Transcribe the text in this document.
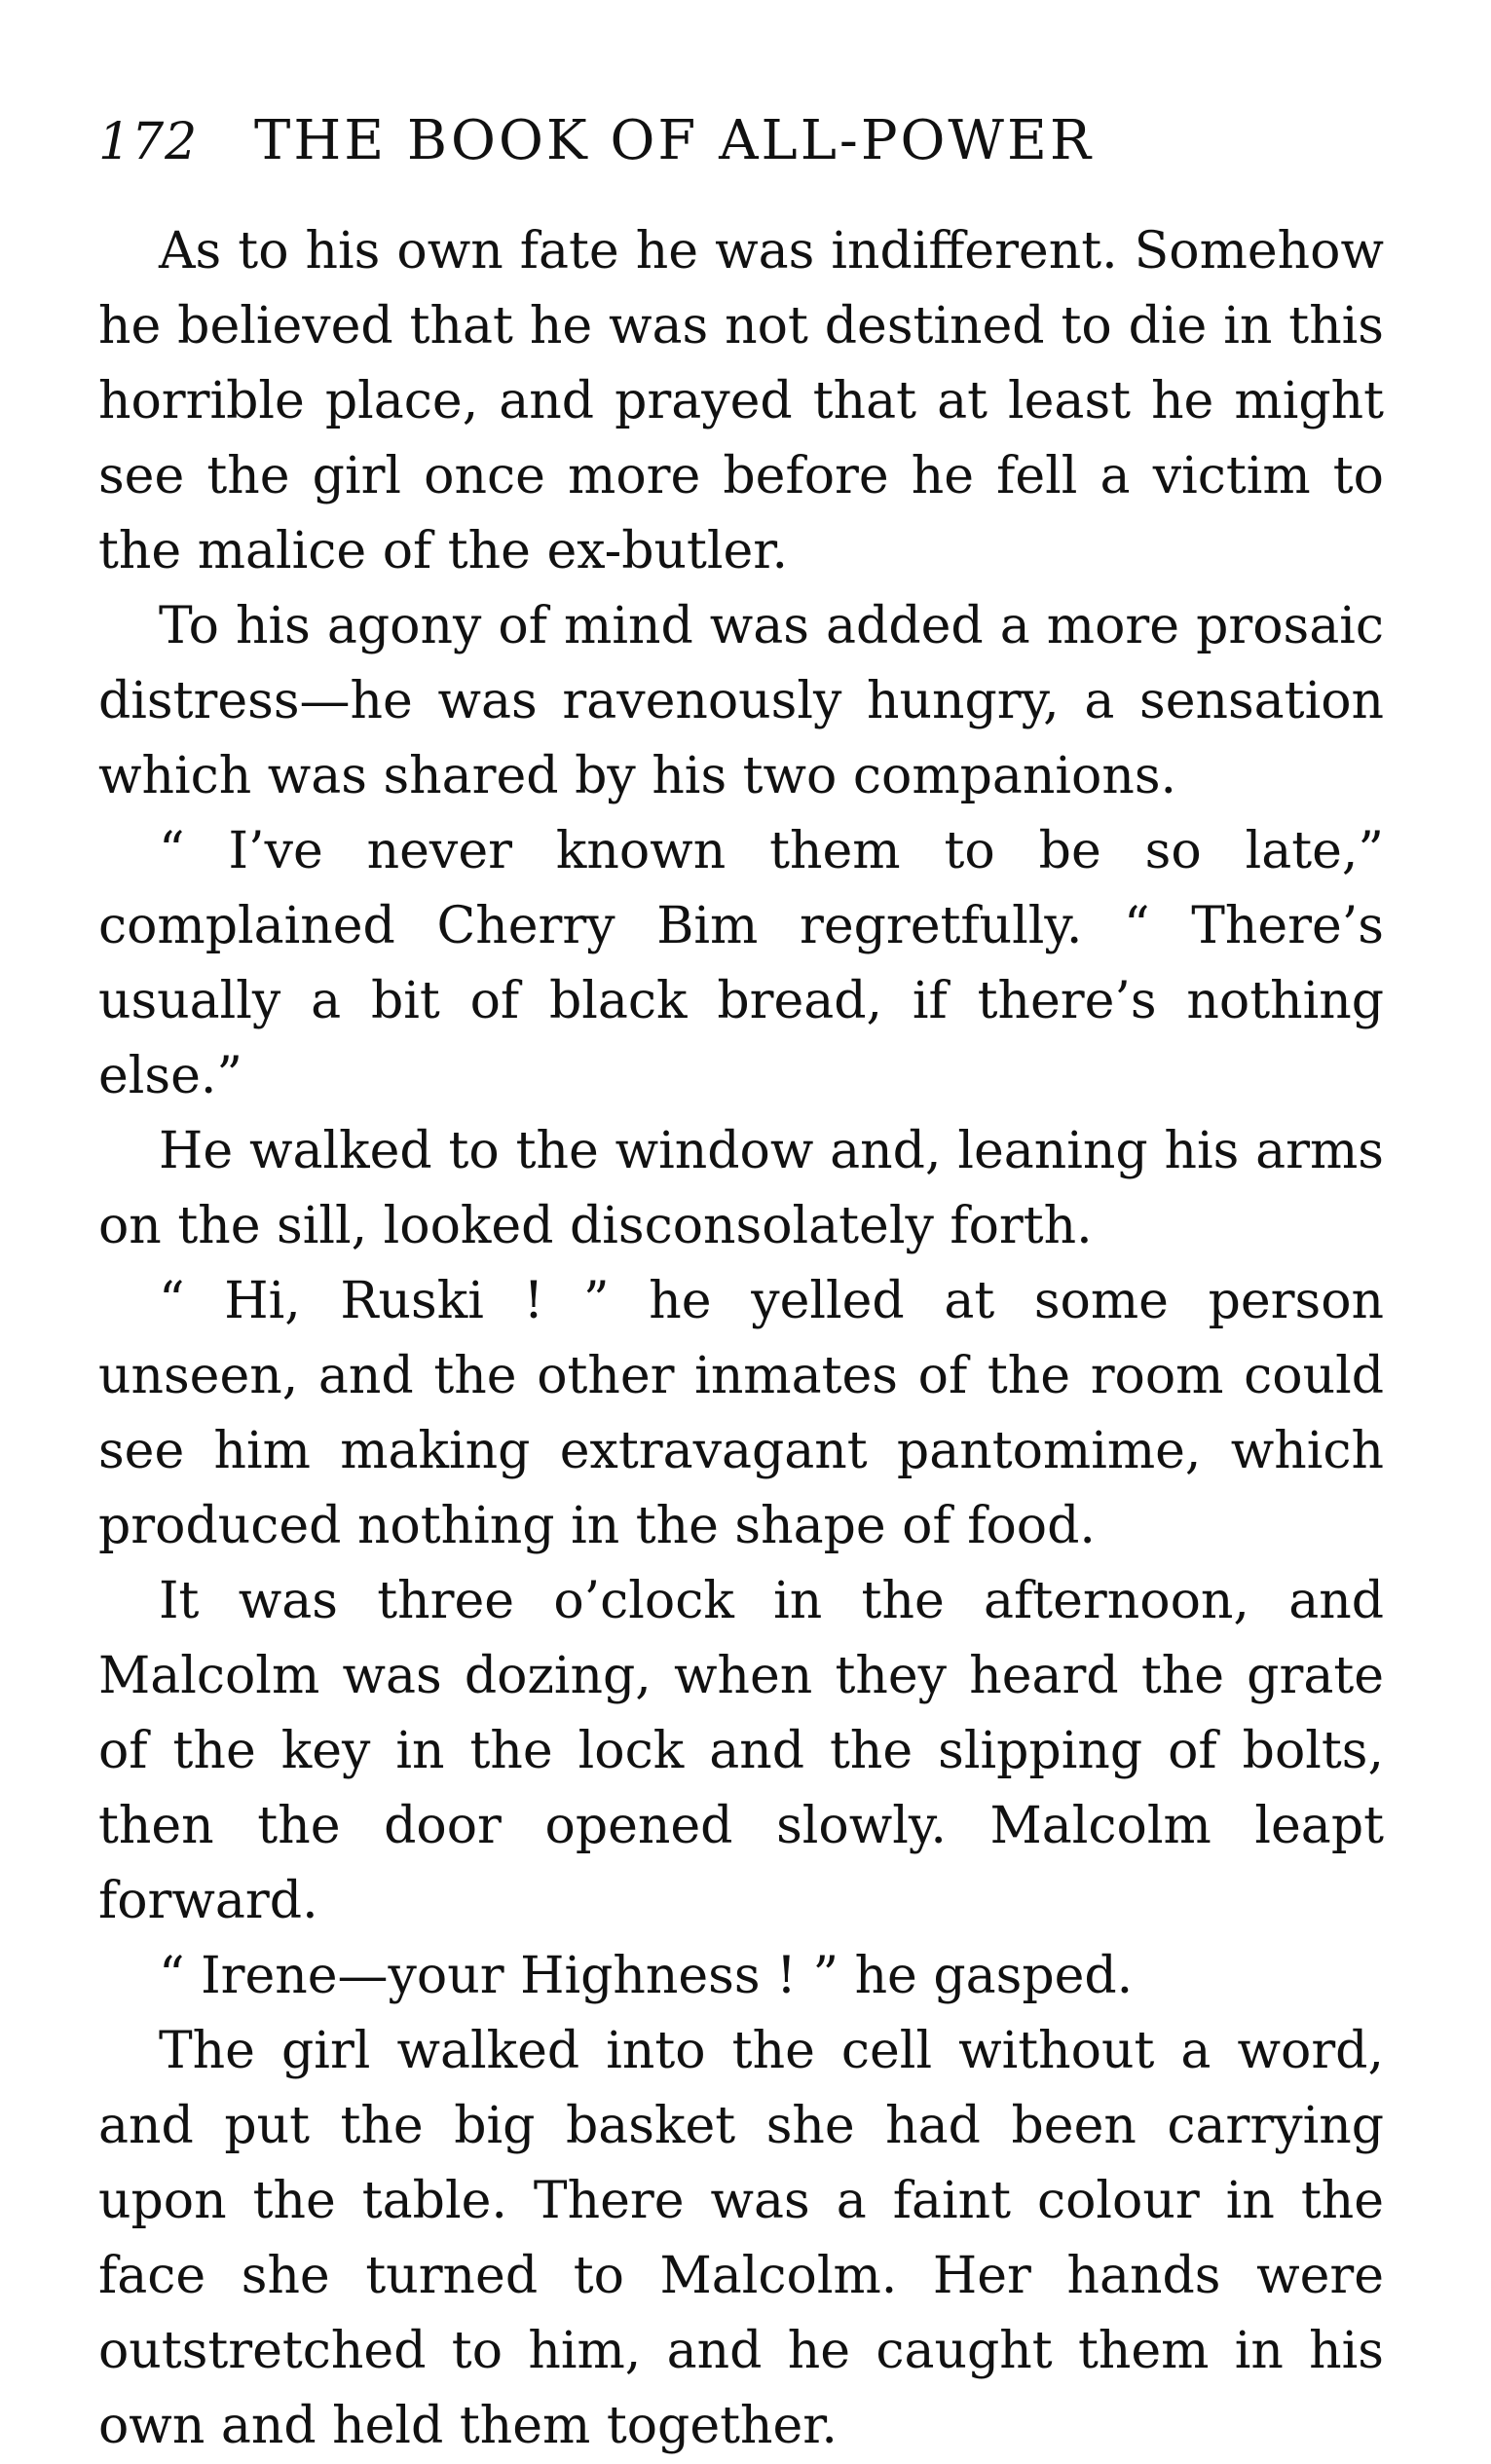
172	THE BOOK OF ALL-POWER

As to his own fate he was indifferent. Somehow he believed that he was not destined to die in this horrible place, and prayed that at least he might see the girl once more before he fell a victim to the malice of the ex-butler.

To his agony of mind was added a more prosaic distress—he was ravenously hungry, a sensation which was shared by his two companions.

“ I’ve never known them to be so late,” complained Cherry Bim regretfully. “ There’s usually a bit of black bread, if there’s nothing else.”

He walked to the window and, leaning his arms on the sill, looked disconsolately forth.

“ Hi, Ruski ! ” he yelled at some person unseen, and the other inmates of the room could see him making extravagant pantomime, which produced nothing in the shape of food.

It was three o’clock in the afternoon, and Malcolm was dozing, when they heard the grate of the key in the lock and the slipping of bolts, then the door opened slowly. Malcolm leapt forward.

“ Irene—your Highness ! ” he gasped.

The girl walked into the cell without a word, and put the big basket she had been carrying upon the table. There was a faint colour in the face she turned to Malcolm. Her hands were outstretched to him, and he caught them in his own and held them together.
